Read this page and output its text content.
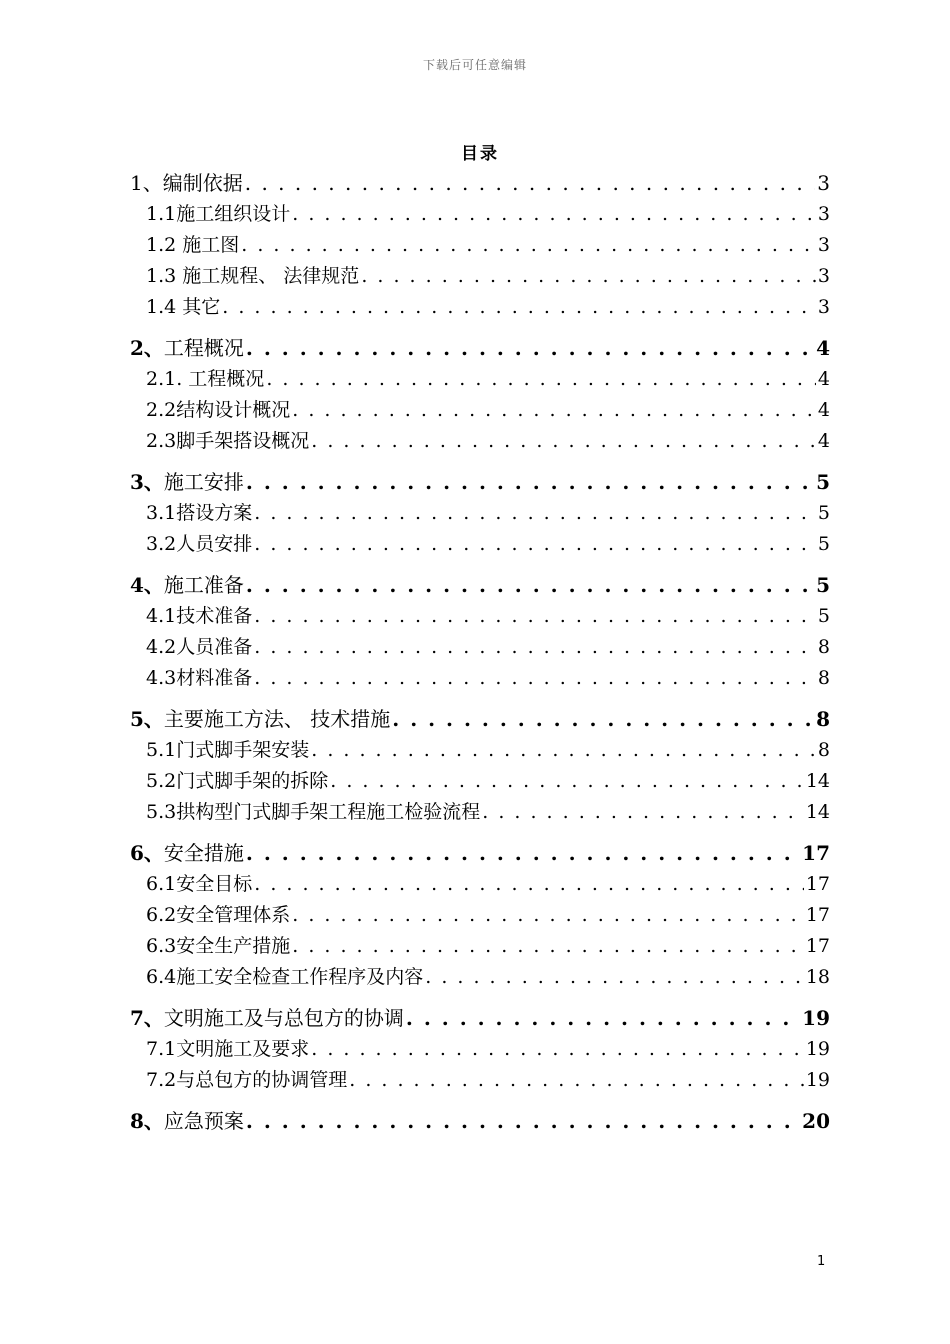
下载后可任意编辑
目录
1、 编制依据 . . .	3
1.1 施工组织设计 . . .	3
1.2 施工图 . . .	3
1.3 施工规程、 法律规范 . . .	3
1.4 其它 . . .	3
2、 工程概况 . . .	4
2.1. 工程概况 . . .	4
2.2 结构设计概况 . . .	4
2.3 脚手架搭设概况 . . .	4
3、 施工安排 . . .	5
3.1 搭设方案 . . .	5
3.2 人员安排 . . .	5
4、 施工准备 . . .	5
4.1 技术准备 . . .	5
4.2 人员准备 . . .	8
4.3 材料准备 . . .	8
5、 主要施工方法、 技术措施 . . .	8
5.1 门式脚手架安装 . . .	8
5.2 门式脚手架的拆除 . . .	14
5.3 拱构型门式脚手架工程施工检验流程 . . .	14
6、 安全措施 . . .	17
6.1 安全目标 . . .	17
6.2 安全管理体系 . . .	17
6.3 安全生产措施 . . .	17
6.4 施工安全检查工作程序及内容 . . .	18
7、 文明施工及与总包方的协调 . . .	19
7.1 文明施工及要求 . . .	19
7.2 与总包方的协调管理 . . .	19
8、 应急预案 . . .	20
1
